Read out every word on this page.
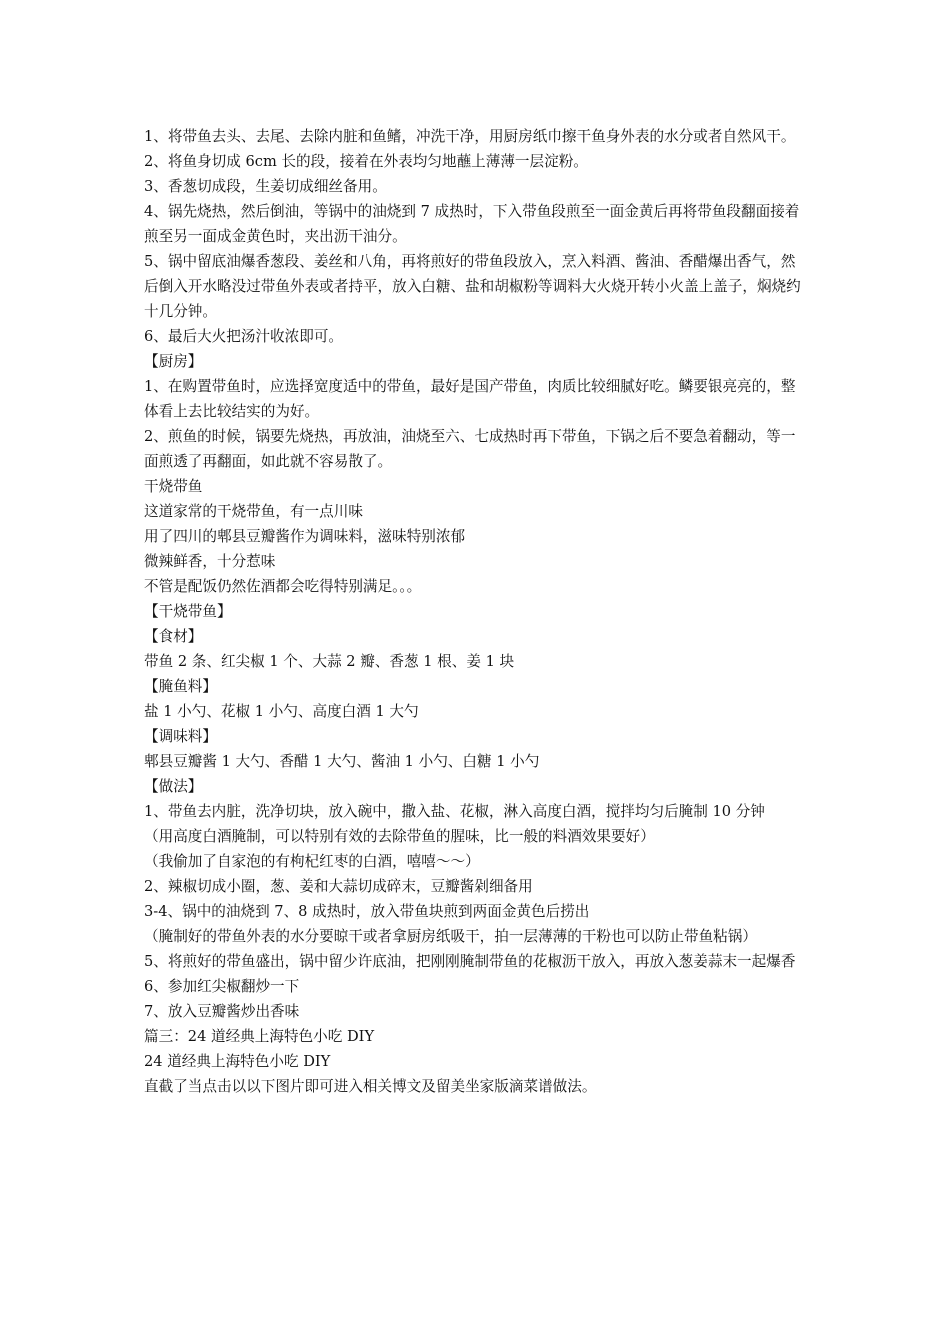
1、将带鱼去头、去尾、去除内脏和鱼鳍，冲洗干净，用厨房纸巾擦干鱼身外表的水分或者自然风干。

2、将鱼身切成 6cm 长的段，接着在外表均匀地蘸上薄薄一层淀粉。

3、香葱切成段，生姜切成细丝备用。

4、锅先烧热，然后倒油，等锅中的油烧到 7 成热时，下入带鱼段煎至一面金黄后再将带鱼段翻面接着煎至另一面成金黄色时，夹出沥干油分。

5、锅中留底油爆香葱段、姜丝和八角，再将煎好的带鱼段放入，烹入料酒、酱油、香醋爆出香气，然后倒入开水略没过带鱼外表或者持平，放入白糖、盐和胡椒粉等调料大火烧开转小火盖上盖子，焖烧约十几分钟。

6、最后大火把汤汁收浓即可。

【厨房】

1、在购置带鱼时，应选择宽度适中的带鱼，最好是国产带鱼，肉质比较细腻好吃。鳞要银亮亮的，整体看上去比较结实的为好。

2、煎鱼的时候，锅要先烧热，再放油，油烧至六、七成热时再下带鱼，下锅之后不要急着翻动，等一面煎透了再翻面，如此就不容易散了。

干烧带鱼

这道家常的干烧带鱼，有一点川味

用了四川的郫县豆瓣酱作为调味料，滋味特别浓郁

微辣鲜香，十分惹味

不管是配饭仍然佐酒都会吃得特别满足。。。

【干烧带鱼】

【食材】

带鱼 2 条、红尖椒 1 个、大蒜 2 瓣、香葱 1 根、姜 1 块

【腌鱼料】

盐 1 小勺、花椒 1 小勺、高度白酒 1 大勺

【调味料】

郫县豆瓣酱 1 大勺、香醋 1 大勺、酱油 1 小勺、白糖 1 小勺

【做法】

1、带鱼去内脏，洗净切块，放入碗中，撒入盐、花椒，淋入高度白酒，搅拌均匀后腌制 10 分钟

（用高度白酒腌制，可以特别有效的去除带鱼的腥味，比一般的料酒效果要好）

（我偷加了自家泡的有枸杞红枣的白酒，嘻嘻～～）

2、辣椒切成小圈，葱、姜和大蒜切成碎末，豆瓣酱剁细备用

3-4、锅中的油烧到 7、8 成热时，放入带鱼块煎到两面金黄色后捞出

（腌制好的带鱼外表的水分要晾干或者拿厨房纸吸干，拍一层薄薄的干粉也可以防止带鱼粘锅）

5、将煎好的带鱼盛出，锅中留少许底油，把刚刚腌制带鱼的花椒沥干放入，再放入葱姜蒜末一起爆香

6、参加红尖椒翻炒一下

7、放入豆瓣酱炒出香味

篇三：24 道经典上海特色小吃 DIY

24 道经典上海特色小吃 DIY

直截了当点击以以下图片即可进入相关博文及留美坐家版滴菜谱做法。
